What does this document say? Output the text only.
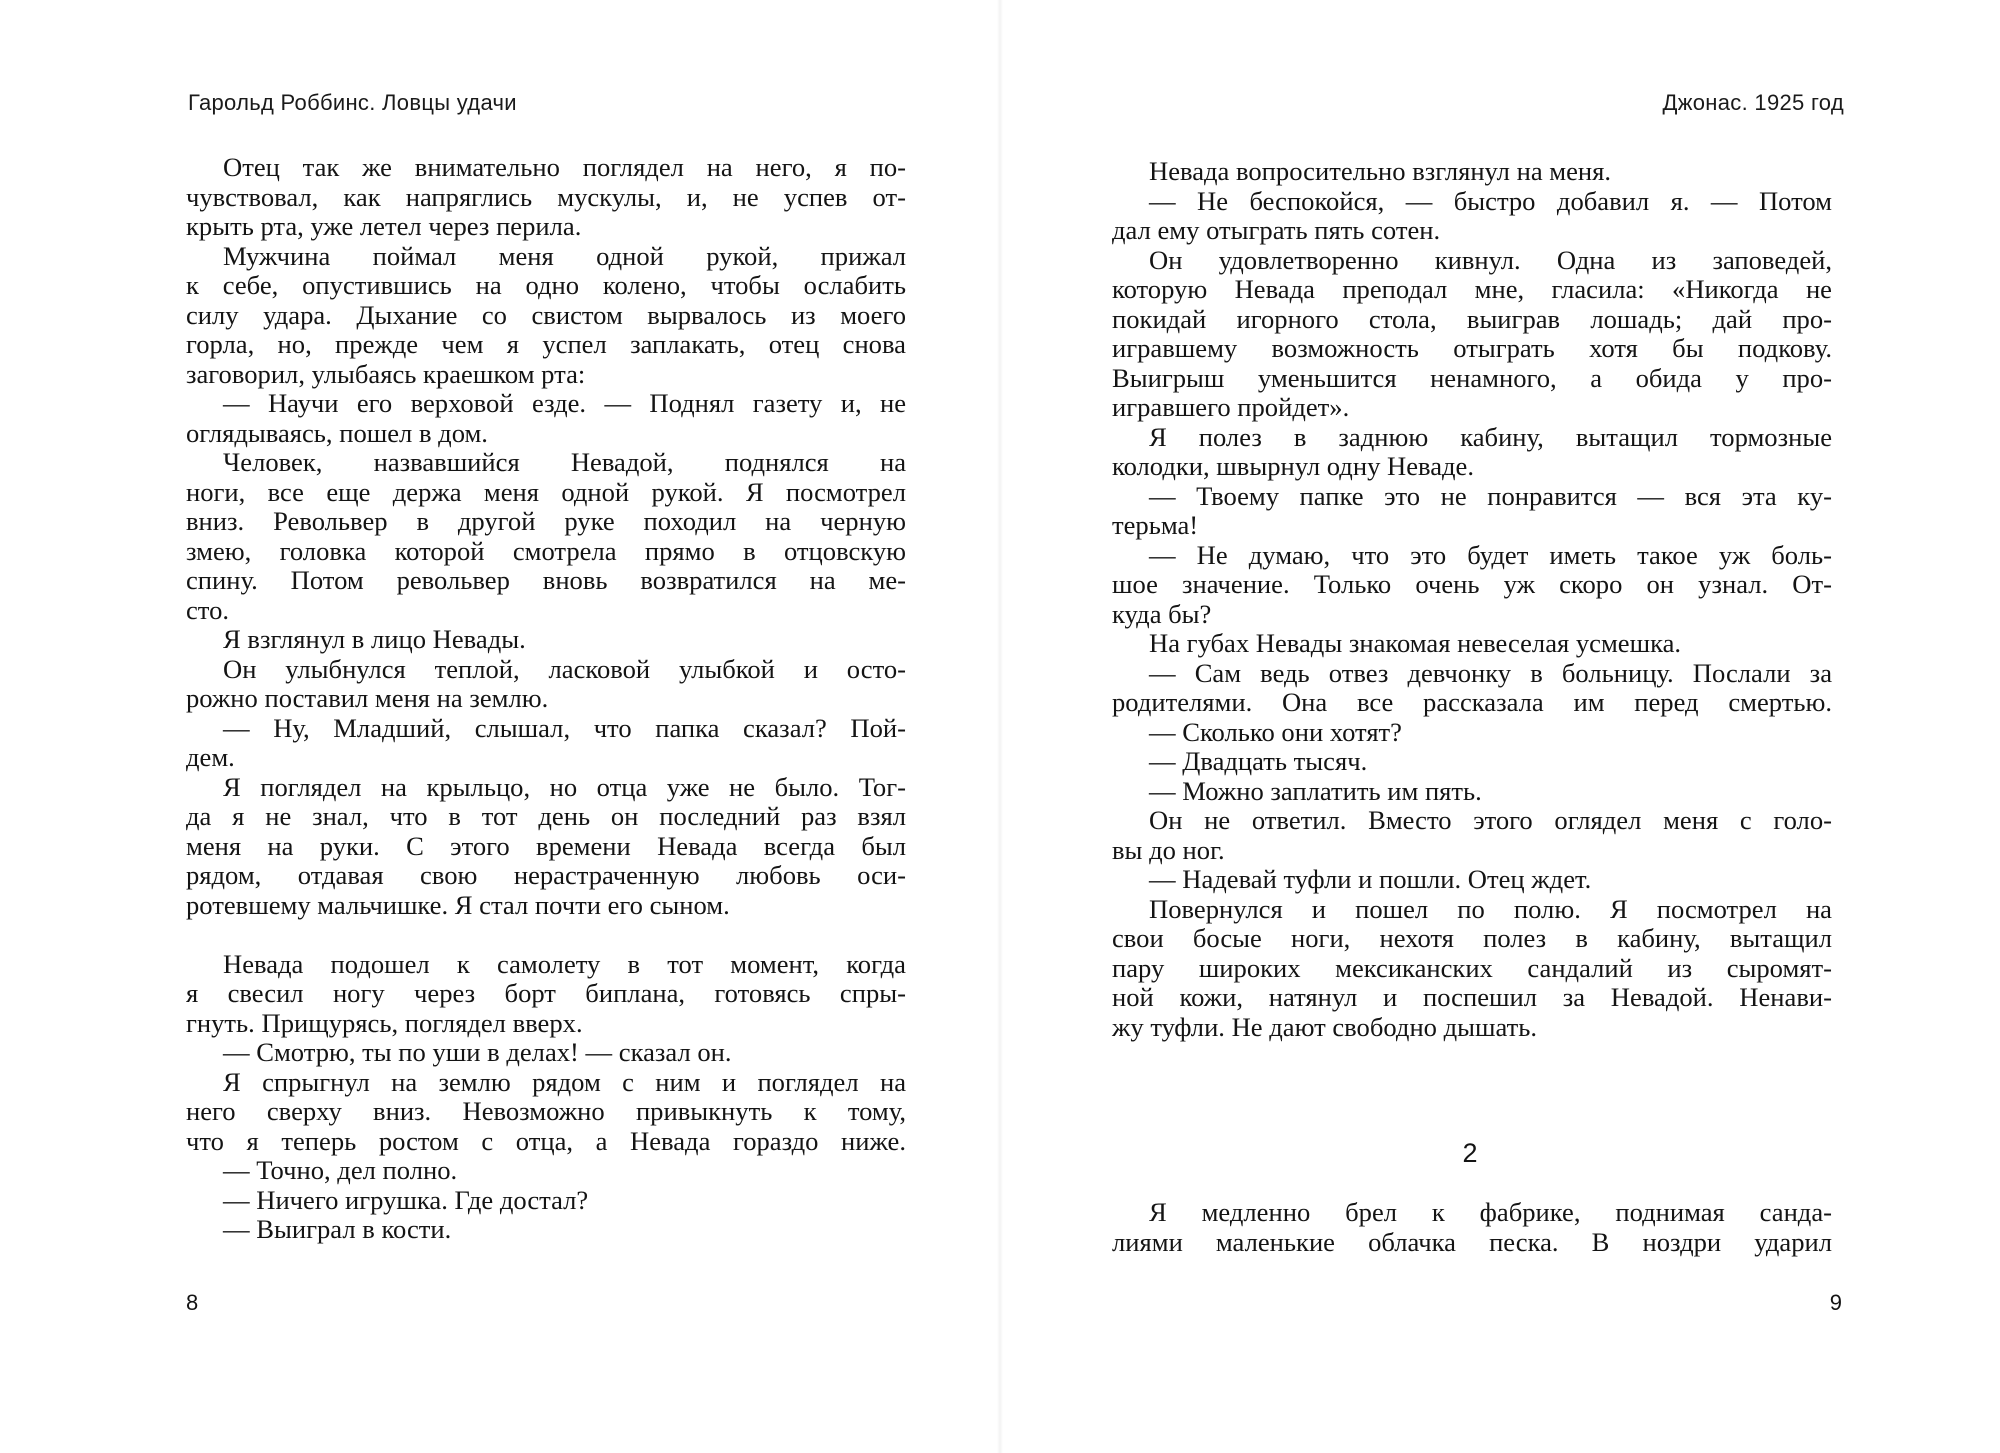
Гарольд Роббинс. Ловцы удачи
Отец так же внимательно поглядел на него, я по-
чувствовал, как напряглись мускулы, и, не успев от-
крыть рта, уже летел через перила.
Мужчина поймал меня одной рукой, прижал
к себе, опустившись на одно колено, чтобы ослабить
силу удара. Дыхание со свистом вырвалось из моего
горла, но, прежде чем я успел заплакать, отец снова
заговорил, улыбаясь краешком рта:
— Научи его верховой езде. — Поднял газету и, не
оглядываясь, пошел в дом.
Человек, назвавшийся Невадой, поднялся на
ноги, все еще держа меня одной рукой. Я посмотрел
вниз. Револьвер в другой руке походил на черную
змею, головка которой смотрела прямо в отцовскую
спину. Потом револьвер вновь возвратился на ме-
сто.
Я взглянул в лицо Невады.
Он улыбнулся теплой, ласковой улыбкой и осто-
рожно поставил меня на землю.
— Ну, Младший, слышал, что папка сказал? Пой-
дем.
Я поглядел на крыльцо, но отца уже не было. Тог-
да я не знал, что в тот день он последний раз взял
меня на руки. С этого времени Невада всегда был
рядом, отдавая свою нерастраченную любовь оси-
ротевшему мальчишке. Я стал почти его сыном.
Невада подошел к самолету в тот момент, когда
я свесил ногу через борт биплана, готовясь спры-
гнуть. Прищурясь, поглядел вверх.
— Смотрю, ты по уши в делах! — сказал он.
Я спрыгнул на землю рядом с ним и поглядел на
него сверху вниз. Невозможно привыкнуть к тому,
что я теперь ростом с отца, а Невада гораздо ниже.
— Точно, дел полно.
— Ничего игрушка. Где достал?
— Выиграл в кости.
8
Джонас. 1925 год
Невада вопросительно взглянул на меня.
— Не беспокойся, — быстро добавил я. — Потом
дал ему отыграть пять сотен.
Он удовлетворенно кивнул. Одна из заповедей,
которую Невада преподал мне, гласила: «Никогда не
покидай игорного стола, выиграв лошадь; дай про-
игравшему возможность отыграть хотя бы подкову.
Выигрыш уменьшится ненамного, а обида у про-
игравшего пройдет».
Я полез в заднюю кабину, вытащил тормозные
колодки, швырнул одну Неваде.
— Твоему папке это не понравится — вся эта ку-
терьма!
— Не думаю, что это будет иметь такое уж боль-
шое значение. Только очень уж скоро он узнал. От-
куда бы?
На губах Невады знакомая невеселая усмешка.
— Сам ведь отвез девчонку в больницу. Послали за
родителями. Она все рассказала им перед смертью.
— Сколько они хотят?
— Двадцать тысяч.
— Можно заплатить им пять.
Он не ответил. Вместо этого оглядел меня с голо-
вы до ног.
— Надевай туфли и пошли. Отец ждет.
Повернулся и пошел по полю. Я посмотрел на
свои босые ноги, нехотя полез в кабину, вытащил
пару широких мексиканских сандалий из сыромят-
ной кожи, натянул и поспешил за Невадой. Ненави-
жу туфли. Не дают свободно дышать.
2
Я медленно брел к фабрике, поднимая санда-
лиями маленькие облачка песка. В ноздри ударил
9
